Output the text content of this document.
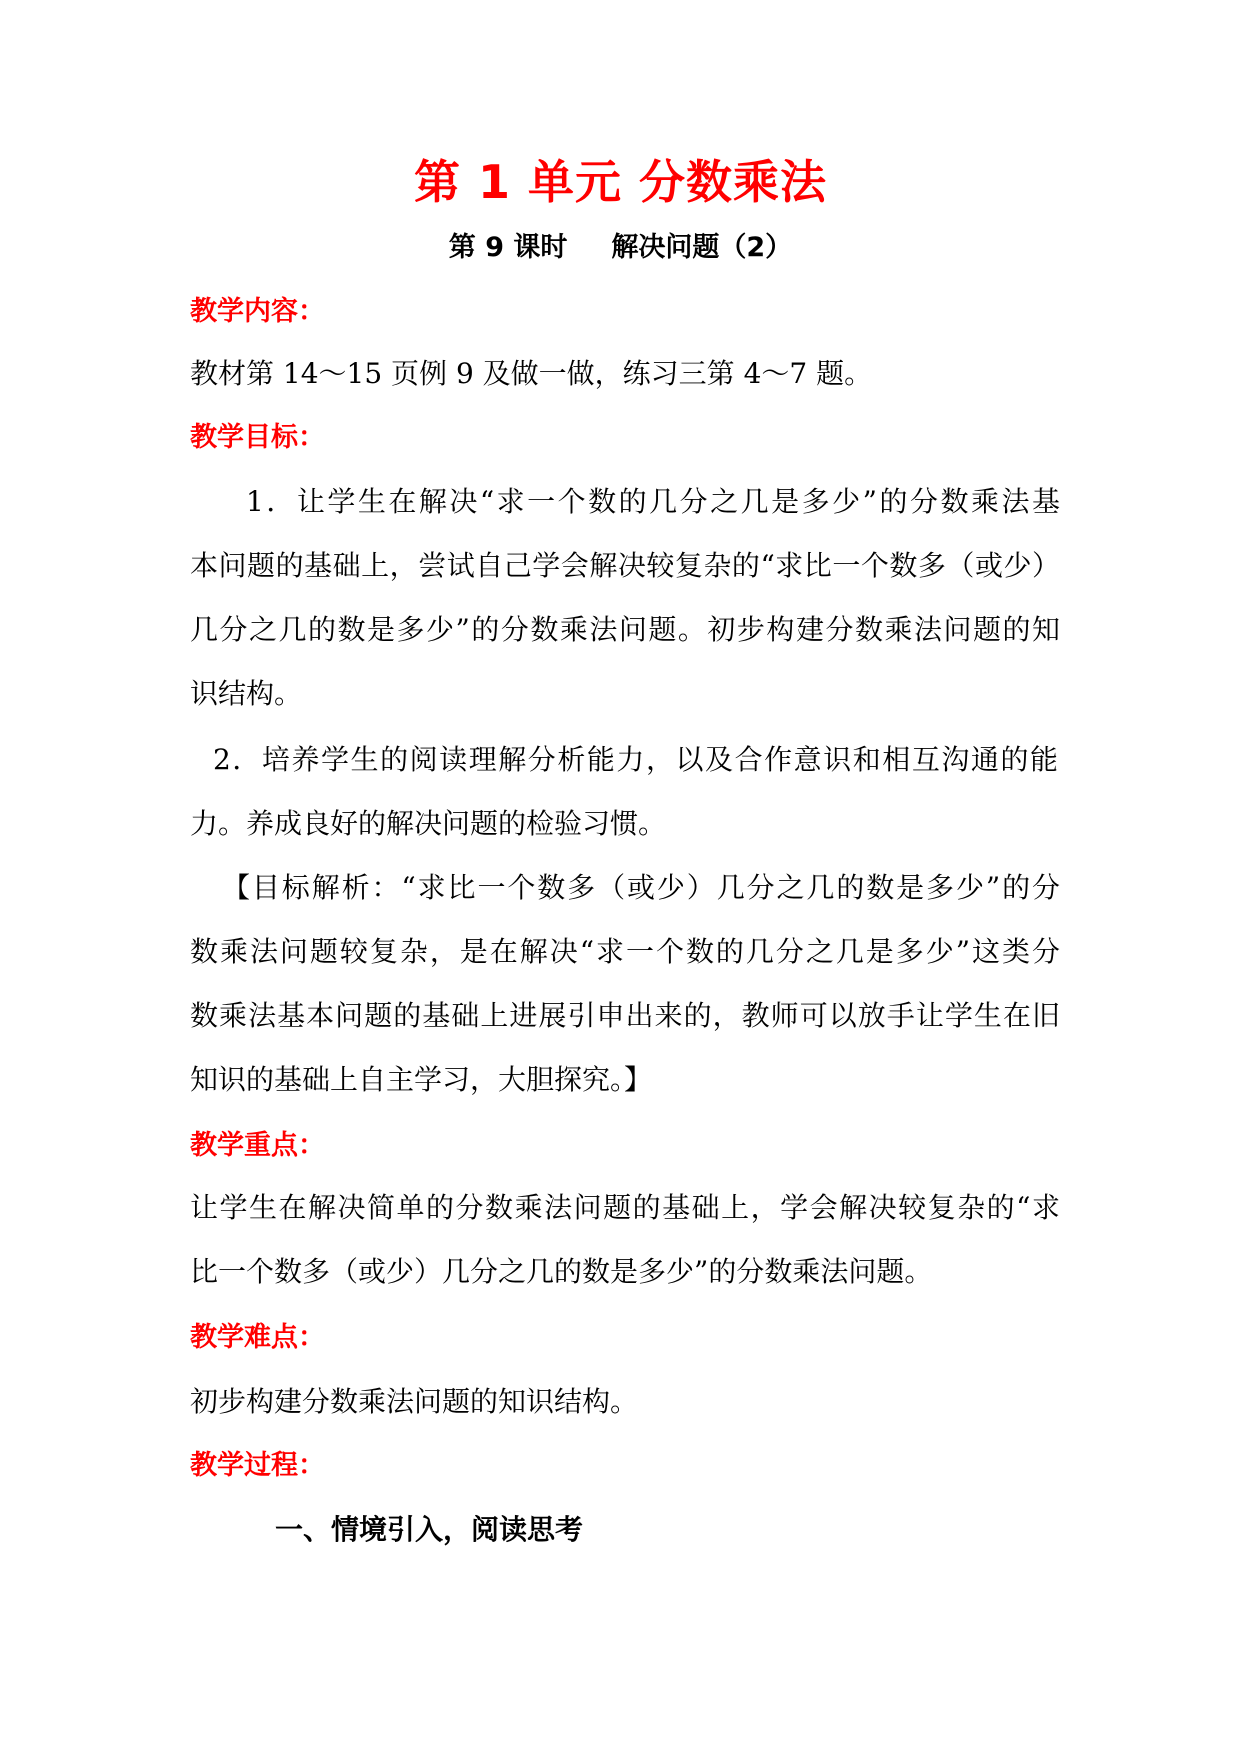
第 1 单元 分数乘法
第 9 课时 解决问题（2）
教学内容：
教材第 14～15 页例 9 及做一做，练习三第 4～7 题。
教学目标：
1．让学生在解决“求一个数的几分之几是多少”的分数乘法基
本问题的基础上，尝试自己学会解决较复杂的“求比一个数多（或少）
几分之几的数是多少”的分数乘法问题。初步构建分数乘法问题的知
识结构。
2．培养学生的阅读理解分析能力，以及合作意识和相互沟通的能
力。养成良好的解决问题的检验习惯。
【目标解析：“求比一个数多（或少）几分之几的数是多少”的分
数乘法问题较复杂，是在解决“求一个数的几分之几是多少”这类分
数乘法基本问题的基础上进展引申出来的，教师可以放手让学生在旧
知识的基础上自主学习，大胆探究。】
教学重点：
让学生在解决简单的分数乘法问题的基础上，学会解决较复杂的“求
比一个数多（或少）几分之几的数是多少”的分数乘法问题。
教学难点：
初步构建分数乘法问题的知识结构。
教学过程：
一、情境引入，阅读思考
